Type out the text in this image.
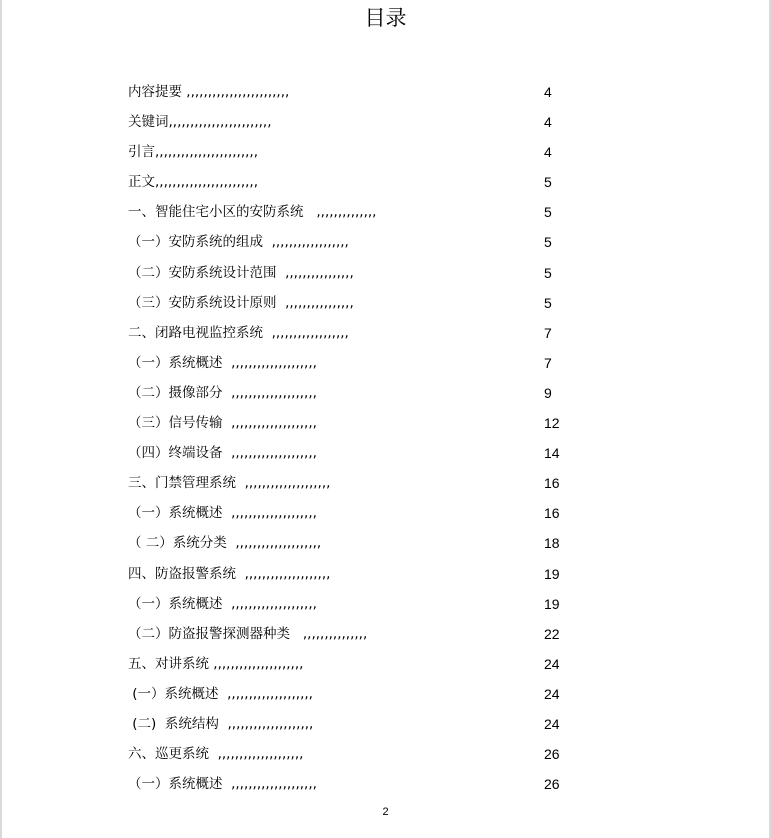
目录
内容提要 ,,,,,,,,,,,,,,,,,,,,,,,,	4
关键词,,,,,,,,,,,,,,,,,,,,,,,,	4
引言,,,,,,,,,,,,,,,,,,,,,,,,	4
正文,,,,,,,,,,,,,,,,,,,,,,,,	5
一、智能住宅小区的安防系统   ,,,,,,,,,,,,,,	5
（一）安防系统的组成  ,,,,,,,,,,,,,,,,,,	5
（二）安防系统设计范围  ,,,,,,,,,,,,,,,,	5
（三）安防系统设计原则  ,,,,,,,,,,,,,,,,	5
二、闭路电视监控系统  ,,,,,,,,,,,,,,,,,,	7
（一）系统概述  ,,,,,,,,,,,,,,,,,,,,	7
（二）摄像部分  ,,,,,,,,,,,,,,,,,,,,	9
（三）信号传输  ,,,,,,,,,,,,,,,,,,,,	12
（四）终端设备  ,,,,,,,,,,,,,,,,,,,,	14
三、门禁管理系统  ,,,,,,,,,,,,,,,,,,,,	16
（一）系统概述  ,,,,,,,,,,,,,,,,,,,,	16
（ 二）系统分类  ,,,,,,,,,,,,,,,,,,,,	18
四、防盗报警系统  ,,,,,,,,,,,,,,,,,,,,	19
（一）系统概述  ,,,,,,,,,,,,,,,,,,,,	19
（二）防盗报警探测器种类   ,,,,,,,,,,,,,,,	22
五、对讲系统 ,,,,,,,,,,,,,,,,,,,,,	24
(一）系统概述  ,,,,,,,,,,,,,,,,,,,,	24
(二)  系统结构  ,,,,,,,,,,,,,,,,,,,,	24
六、巡更系统  ,,,,,,,,,,,,,,,,,,,,	26
（一）系统概述  ,,,,,,,,,,,,,,,,,,,,	26
2
